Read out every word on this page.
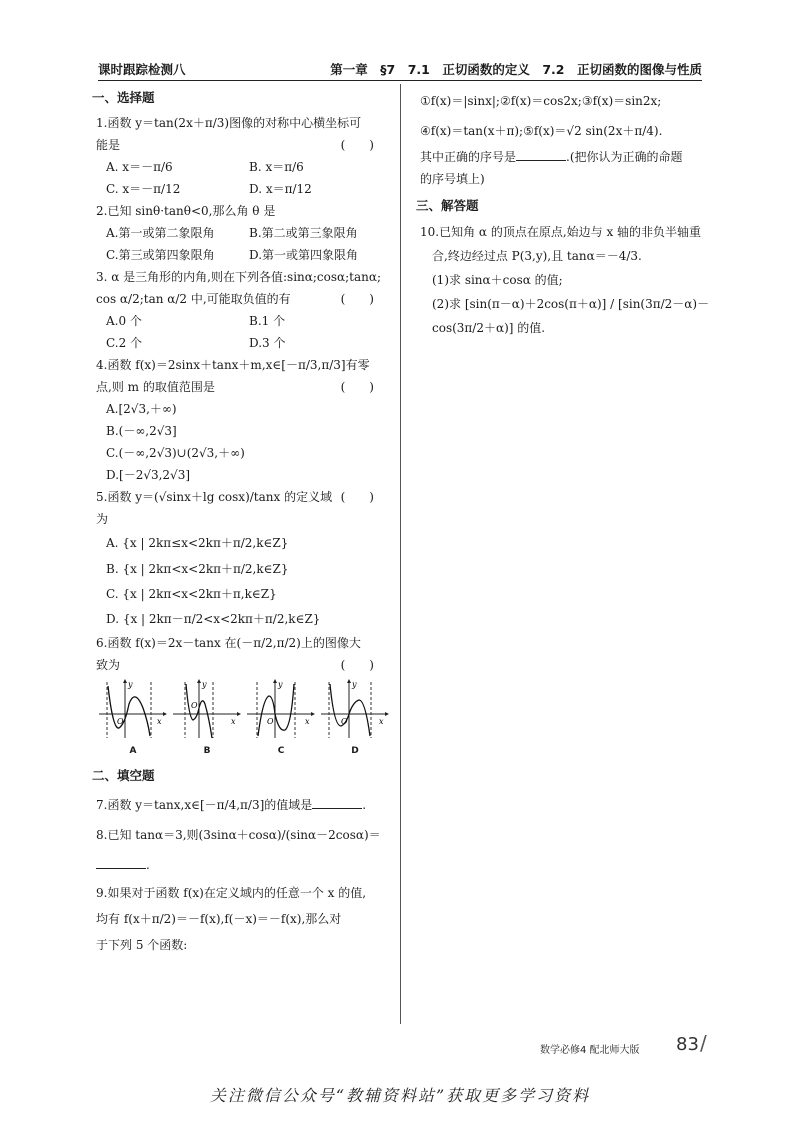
课时跟踪检测八	第一章　§7　7.1　正切函数的定义　7.2　正切函数的图像与性质
一、选择题
1.函数 y＝tan(2x＋π/3)图像的对称中心横坐标可
能是	(　　)
A. x＝－π/6	B. x＝π/6
C. x＝－π/12	D. x＝π/12
2.已知 sinθ·tanθ<0,那么角 θ 是
A.第一或第二象限角	B.第二或第三象限角
C.第三或第四象限角	D.第一或第四象限角
3. α 是三角形的内角,则在下列各值:sinα;cosα;tanα;
cos α/2;tan α/2 中,可能取负值的有	(　　)
A.0 个	B.1 个
C.2 个	D.3 个
4.函数 f(x)＝2sinx＋tanx＋m,x∈[－π/3,π/3]有零
点,则 m 的取值范围是	(　　)
A.[2√3,＋∞)
B.(－∞,2√3]
C.(－∞,2√3)∪(2√3,＋∞)
D.[－2√3,2√3]
5.函数 y＝(√sinx＋lg cosx)/tanx 的定义域为
(　　)
A. {x | 2kπ≤x<2kπ＋π/2,k∈Z}
B. {x | 2kπ<x<2kπ＋π/2,k∈Z}
C. {x | 2kπ<x<2kπ＋π,k∈Z}
D. {x | 2kπ－π/2<x<2kπ＋π/2,k∈Z}
6.函数 f(x)＝2x－tanx 在(－π/2,π/2)上的图像大
致为	(　　)
y
x
O
A
y
x
O
B
y
x
O
C
y
x
O
D
二、填空题
7.函数 y＝tanx,x∈[－π/4,π/3]的值域是	.
8.已知 tanα＝3,则(3sinα＋cosα)/(sinα－2cosα)＝.
9.如果对于函数 f(x)在定义域内的任意一个 x 的值,
均有 f(x＋π/2)＝－f(x),f(－x)＝－f(x),那么对
于下列 5 个函数:
①f(x)＝|sinx|;②f(x)＝cos2x;③f(x)＝sin2x;
④f(x)＝tan(x＋π);⑤f(x)＝√2 sin(2x＋π/4).
其中正确的序号是	.(把你认为正确的命题
的序号填上)
三、解答题
10.已知角 α 的顶点在原点,始边与 x 轴的非负半轴重
合,终边经过点 P(3,y),且 tanα＝－4/3.
(1)求 sinα＋cosα 的值;
(2)求 [sin(π－α)＋2cos(π＋α)] / [sin(3π/2－α)－cos(3π/2＋α)] 的值.
数学必修4 配北师大版 83 /
关注微信公众号“教辅资料站”获取更多学习资料
